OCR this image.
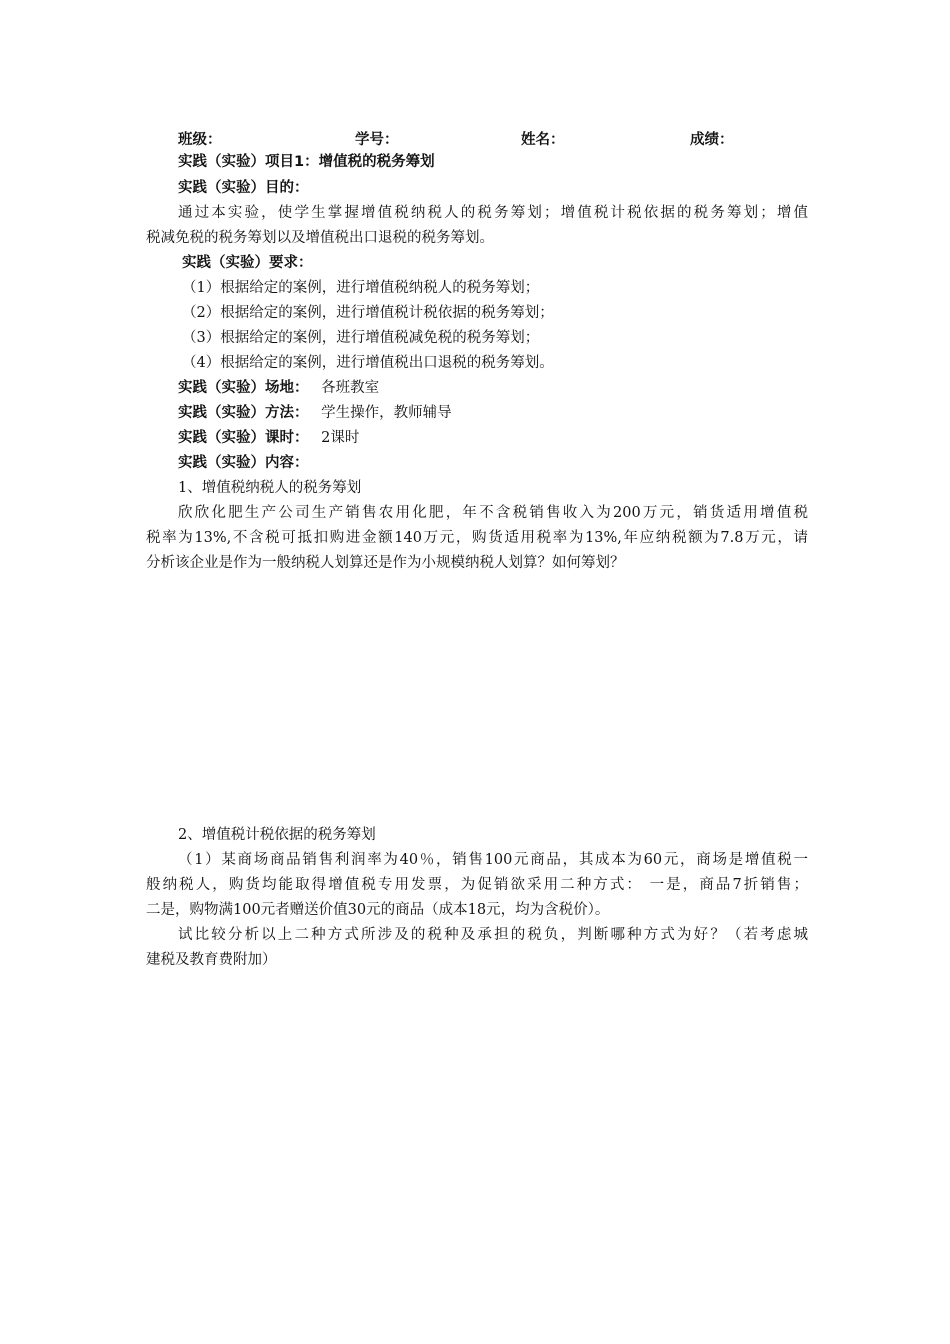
班级：	学号：	姓名：	成绩：
实践（实验）项目1：增值税的税务筹划
实践（实验）目的：
通过本实验，使学生掌握增值税纳税人的税务筹划；增值税计税依据的税务筹划；增值
税减免税的税务筹划以及增值税出口退税的税务筹划。
实践（实验）要求：
（1）根据给定的案例，进行增值税纳税人的税务筹划；
（2）根据给定的案例，进行增值税计税依据的税务筹划；
（3）根据给定的案例，进行增值税减免税的税务筹划；
（4）根据给定的案例，进行增值税出口退税的税务筹划。
实践（实验）场地： 各班教室
实践（实验）方法： 学生操作，教师辅导
实践（实验）课时： 2课时
实践（实验）内容：
1、增值税纳税人的税务筹划
欣欣化肥生产公司生产销售农用化肥，年不含税销售收入为200万元，销货适用增值税
税率为13%,不含税可抵扣购进金额140万元，购货适用税率为13%,年应纳税额为7.8万元，请
分析该企业是作为一般纳税人划算还是作为小规模纳税人划算？如何筹划？
2、增值税计税依据的税务筹划
（1）某商场商品销售利润率为40％，销售100元商品，其成本为60元，商场是增值税一
般纳税人，购货均能取得增值税专用发票，为促销欲采用二种方式： 一是，商品7折销售；
二是，购物满100元者赠送价值30元的商品（成本18元，均为含税价）。
试比较分析以上二种方式所涉及的税种及承担的税负，判断哪种方式为好？（若考虑城
建税及教育费附加）
